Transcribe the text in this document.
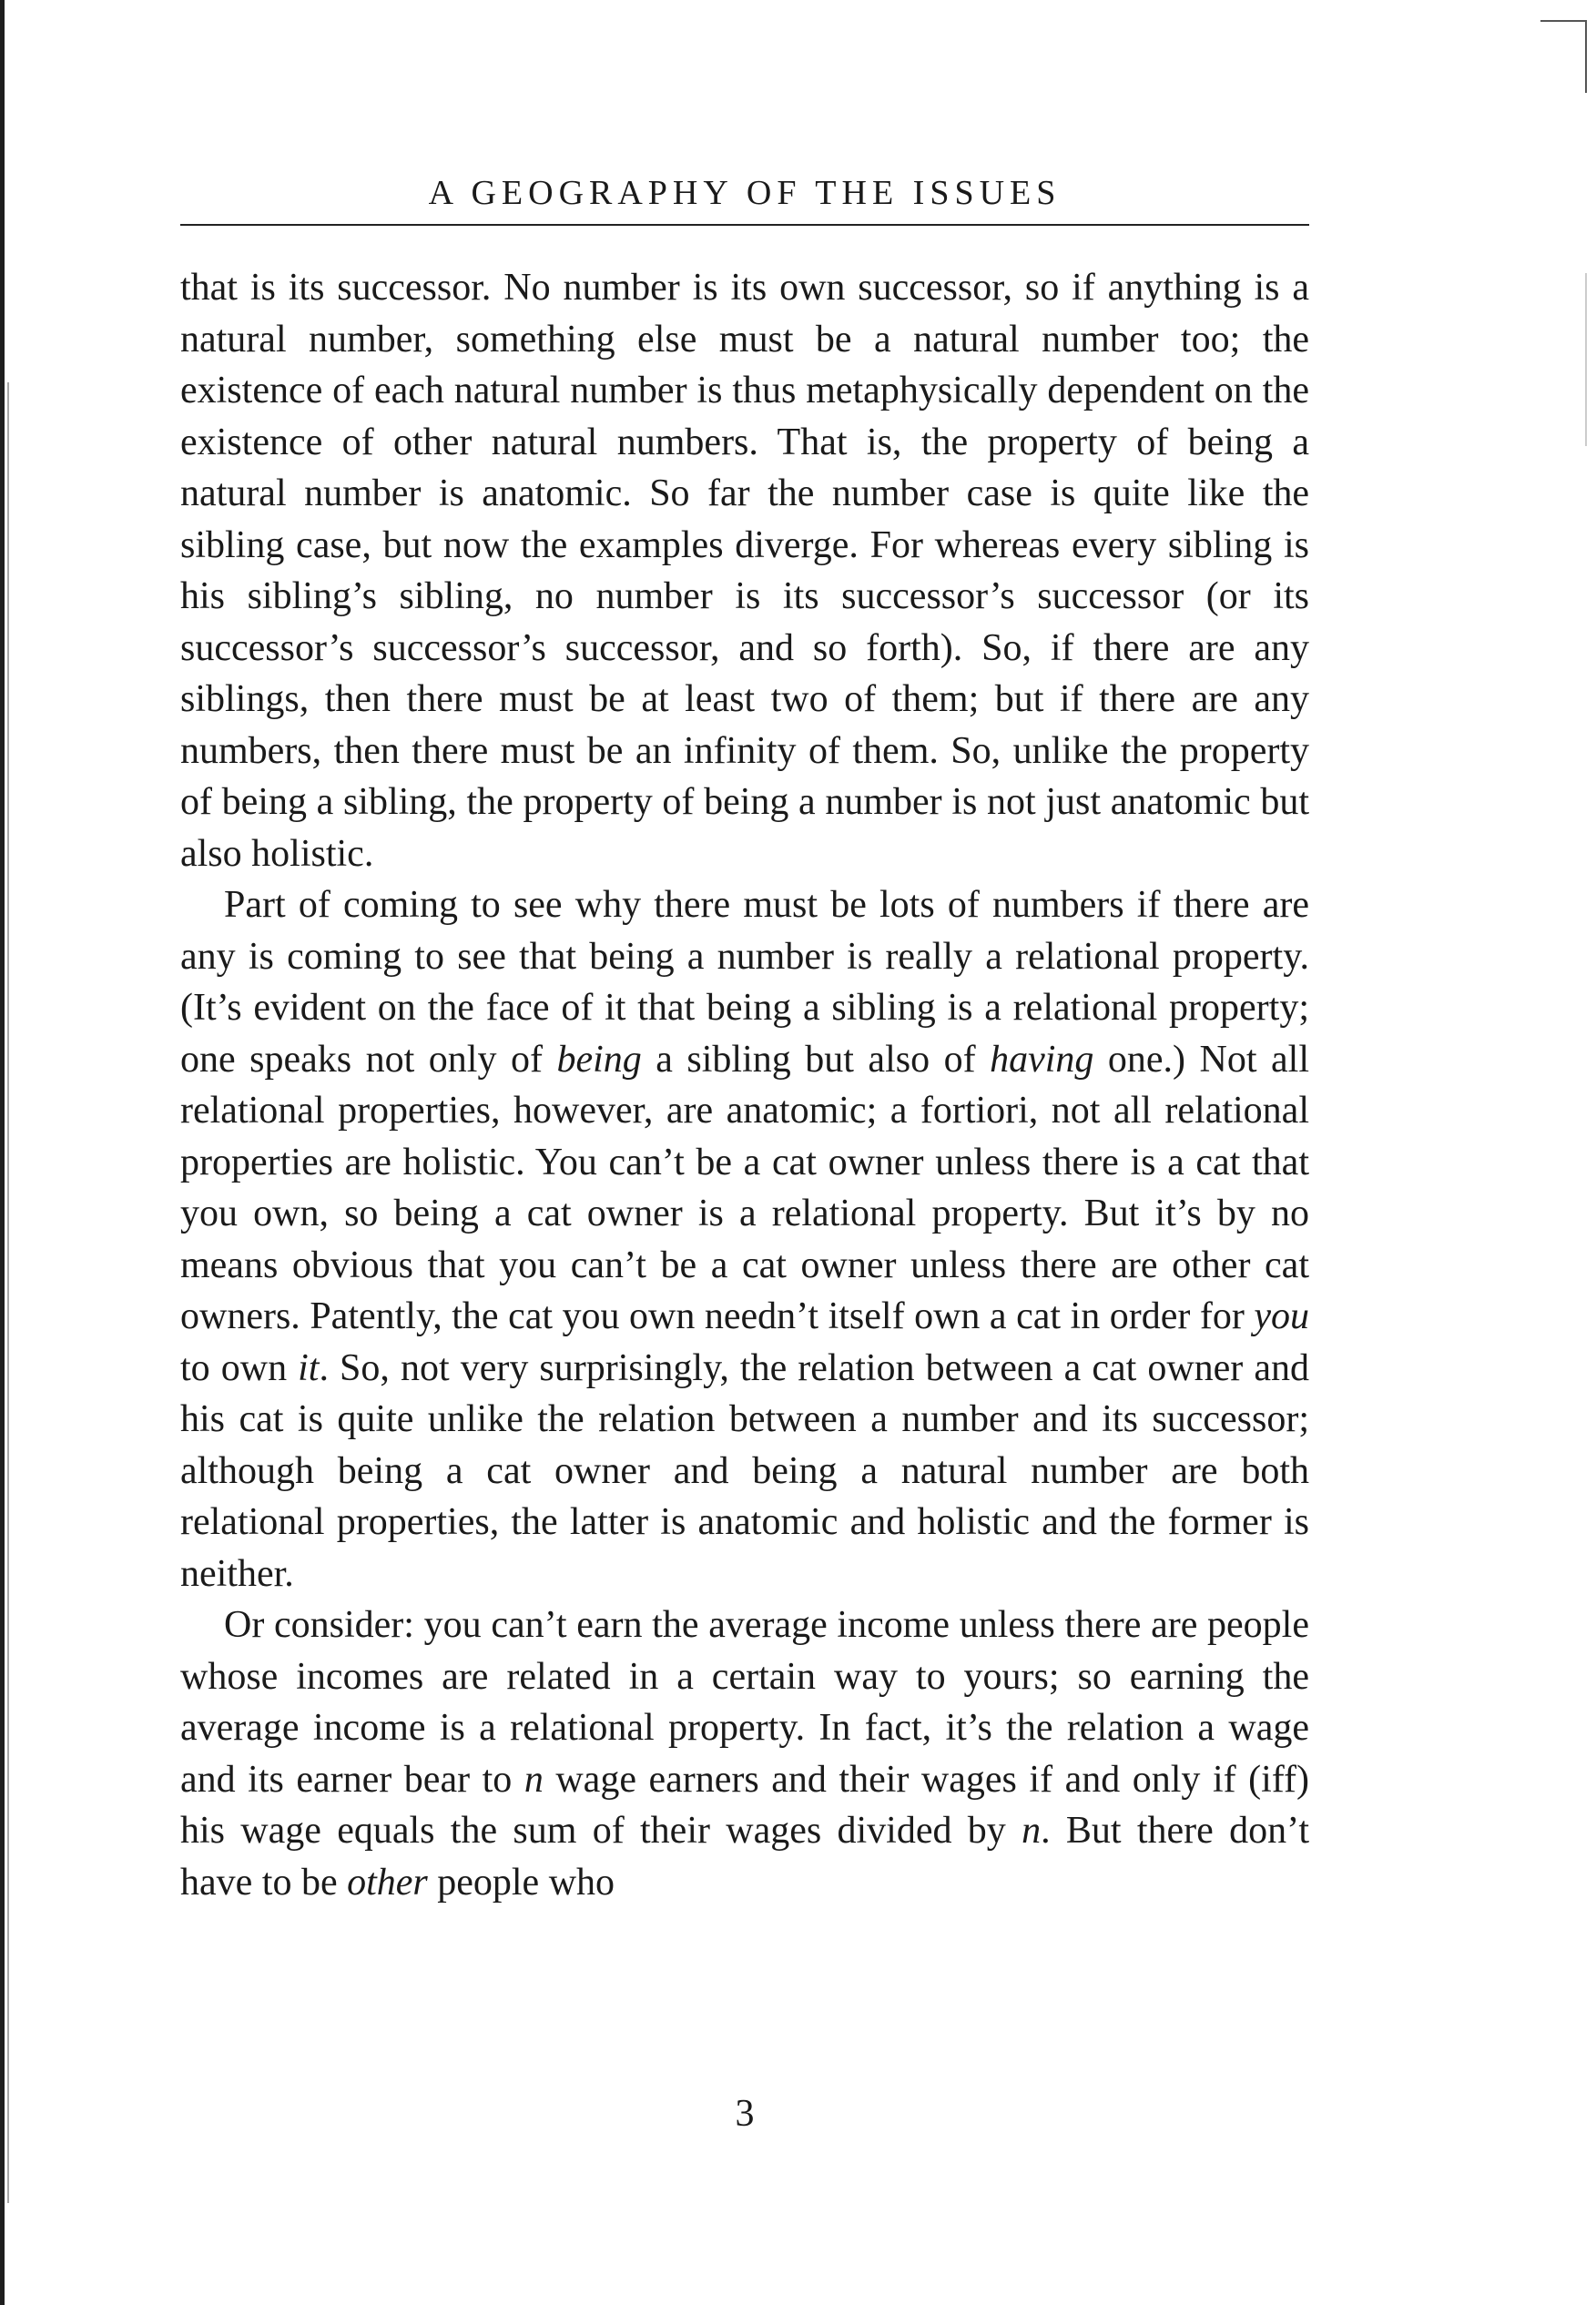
A GEOGRAPHY OF THE ISSUES

that is its successor. No number is its own successor, so if anything is a natural number, something else must be a natural number too; the existence of each natural number is thus metaphysically dependent on the existence of other natural numbers. That is, the property of being a natural number is anatomic. So far the number case is quite like the sibling case, but now the examples diverge. For whereas every sibling is his sibling’s sibling, no number is its successor’s successor (or its successor’s successor’s successor, and so forth). So, if there are any siblings, then there must be at least two of them; but if there are any numbers, then there must be an infinity of them. So, unlike the property of being a sibling, the property of being a number is not just anatomic but also holistic.

Part of coming to see why there must be lots of numbers if there are any is coming to see that being a number is really a relational property. (It’s evident on the face of it that being a sibling is a relational property; one speaks not only of being a sibling but also of having one.) Not all relational properties, however, are anatomic; a fortiori, not all relational properties are holistic. You can’t be a cat owner unless there is a cat that you own, so being a cat owner is a relational property. But it’s by no means obvious that you can’t be a cat owner unless there are other cat owners. Patently, the cat you own needn’t itself own a cat in order for you to own it. So, not very surprisingly, the relation between a cat owner and his cat is quite unlike the relation between a number and its successor; although being a cat owner and being a natural number are both relational properties, the latter is anatomic and holistic and the former is neither.

Or consider: you can’t earn the average income unless there are people whose incomes are related in a certain way to yours; so earning the average income is a relational property. In fact, it’s the relation a wage and its earner bear to n wage earners and their wages if and only if (iff) his wage equals the sum of their wages divided by n. But there don’t have to be other people who

3
